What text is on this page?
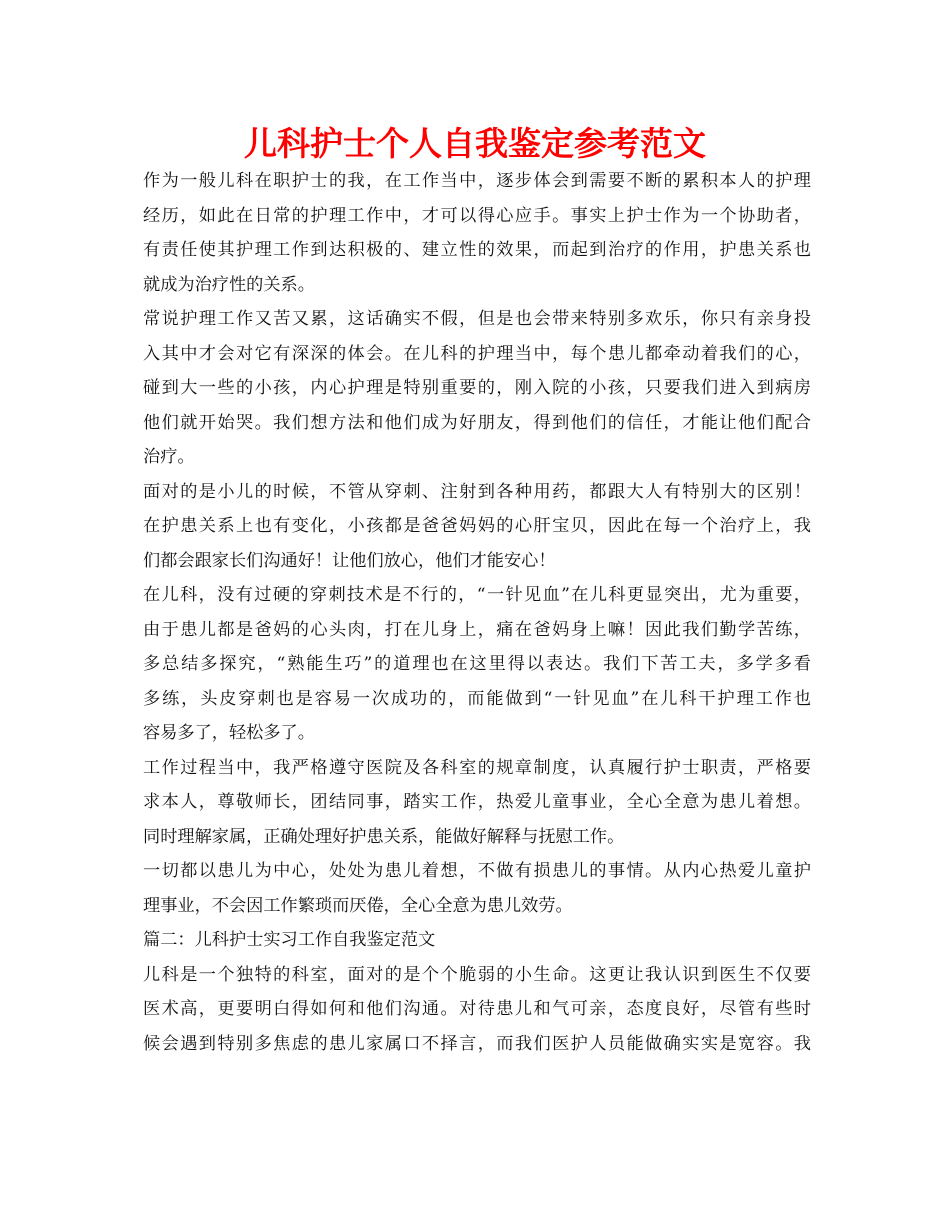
儿科护士个人自我鉴定参考范文
作为一般儿科在职护士的我，在工作当中，逐步体会到需要不断的累积本人的护理
经历，如此在日常的护理工作中，才可以得心应手。事实上护士作为一个协助者，
有责任使其护理工作到达积极的、建立性的效果，而起到治疗的作用，护患关系也
就成为治疗性的关系。
常说护理工作又苦又累，这话确实不假，但是也会带来特别多欢乐，你只有亲身投
入其中才会对它有深深的体会。在儿科的护理当中，每个患儿都牵动着我们的心，
碰到大一些的小孩，内心护理是特别重要的，刚入院的小孩，只要我们进入到病房
他们就开始哭。我们想方法和他们成为好朋友，得到他们的信任，才能让他们配合
治疗。
面对的是小儿的时候，不管从穿刺、注射到各种用药，都跟大人有特别大的区别！
在护患关系上也有变化，小孩都是爸爸妈妈的心肝宝贝，因此在每一个治疗上，我
们都会跟家长们沟通好！让他们放心，他们才能安心！
在儿科，没有过硬的穿刺技术是不行的，“一针见血”在儿科更显突出，尤为重要，
由于患儿都是爸妈的心头肉，打在儿身上，痛在爸妈身上嘛！因此我们勤学苦练，
多总结多探究，“熟能生巧”的道理也在这里得以表达。我们下苦工夫，多学多看
多练，头皮穿刺也是容易一次成功的，而能做到“一针见血”在儿科干护理工作也
容易多了，轻松多了。
工作过程当中，我严格遵守医院及各科室的规章制度，认真履行护士职责，严格要
求本人，尊敬师长，团结同事，踏实工作，热爱儿童事业，全心全意为患儿着想。
同时理解家属，正确处理好护患关系，能做好解释与抚慰工作。
一切都以患儿为中心，处处为患儿着想，不做有损患儿的事情。从内心热爱儿童护
理事业，不会因工作繁琐而厌倦，全心全意为患儿效劳。
篇二：儿科护士实习工作自我鉴定范文
儿科是一个独特的科室，面对的是个个脆弱的小生命。这更让我认识到医生不仅要
医术高，更要明白得如何和他们沟通。对待患儿和气可亲，态度良好，尽管有些时
候会遇到特别多焦虑的患儿家属口不择言，而我们医护人员能做确实实是宽容。我
